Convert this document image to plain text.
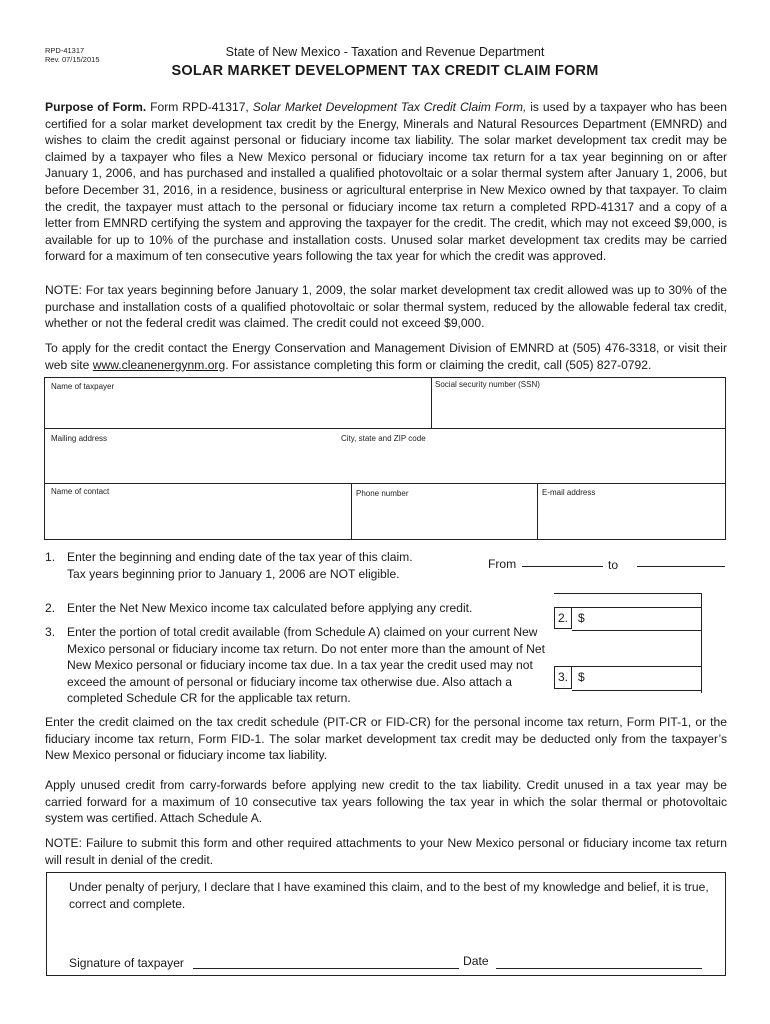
RPD-41317
Rev. 07/15/2015
State of New Mexico - Taxation and Revenue Department
SOLAR MARKET DEVELOPMENT TAX CREDIT CLAIM FORM
Purpose of Form. Form RPD-41317, Solar Market Development Tax Credit Claim Form, is used by a taxpayer who has been certified for a solar market development tax credit by the Energy, Minerals and Natural Resources Department (EMNRD) and wishes to claim the credit against personal or fiduciary income tax liability. The solar market development tax credit may be claimed by a taxpayer who files a New Mexico personal or fiduciary income tax return for a tax year beginning on or after January 1, 2006, and has purchased and installed a qualified photovoltaic or a solar thermal system after January 1, 2006, but before December 31, 2016, in a residence, business or agricultural enterprise in New Mexico owned by that taxpayer. To claim the credit, the taxpayer must attach to the personal or fiduciary income tax return a completed RPD-41317 and a copy of a letter from EMNRD certifying the system and approving the taxpayer for the credit. The credit, which may not exceed $9,000, is available for up to 10% of the purchase and installation costs. Unused solar market development tax credits may be carried forward for a maximum of ten consecutive years following the tax year for which the credit was approved.
NOTE: For tax years beginning before January 1, 2009, the solar market development tax credit allowed was up to 30% of the purchase and installation costs of a qualified photovoltaic or solar thermal system, reduced by the allowable federal tax credit, whether or not the federal credit was claimed. The credit could not exceed $9,000.
To apply for the credit contact the Energy Conservation and Management Division of EMNRD at (505) 476-3318, or visit their web site www.cleanenergynm.org. For assistance completing this form or claiming the credit, call (505) 827-0792.
Name of taxpayer	Social security number (SSN)
Mailing address	City, state and ZIP code
Name of contact	Phone number	E-mail address
1. Enter the beginning and ending date of the tax year of this claim.
Tax years beginning prior to January 1, 2006 are NOT eligible.
From	to
2. Enter the Net New Mexico income tax calculated before applying any credit.
3. Enter the portion of total credit available (from Schedule A) claimed on your current New Mexico personal or fiduciary income tax return. Do not enter more than the amount of Net New Mexico personal or fiduciary income tax due. In a tax year the credit used may not exceed the amount of personal or fiduciary income tax otherwise due. Also attach a completed Schedule CR for the applicable tax return.
2. $
3. $
Enter the credit claimed on the tax credit schedule (PIT-CR or FID-CR) for the personal income tax return, Form PIT-1, or the fiduciary income tax return, Form FID-1. The solar market development tax credit may be deducted only from the taxpayer’s New Mexico personal or fiduciary income tax liability.
Apply unused credit from carry-forwards before applying new credit to the tax liability. Credit unused in a tax year may be carried forward for a maximum of 10 consecutive tax years following the tax year in which the solar thermal or photovoltaic system was certified. Attach Schedule A.
NOTE: Failure to submit this form and other required attachments to your New Mexico personal or fiduciary income tax return will result in denial of the credit.
Under penalty of perjury, I declare that I have examined this claim, and to the best of my knowledge and belief, it is true, correct and complete.
Signature of taxpayer	Date
